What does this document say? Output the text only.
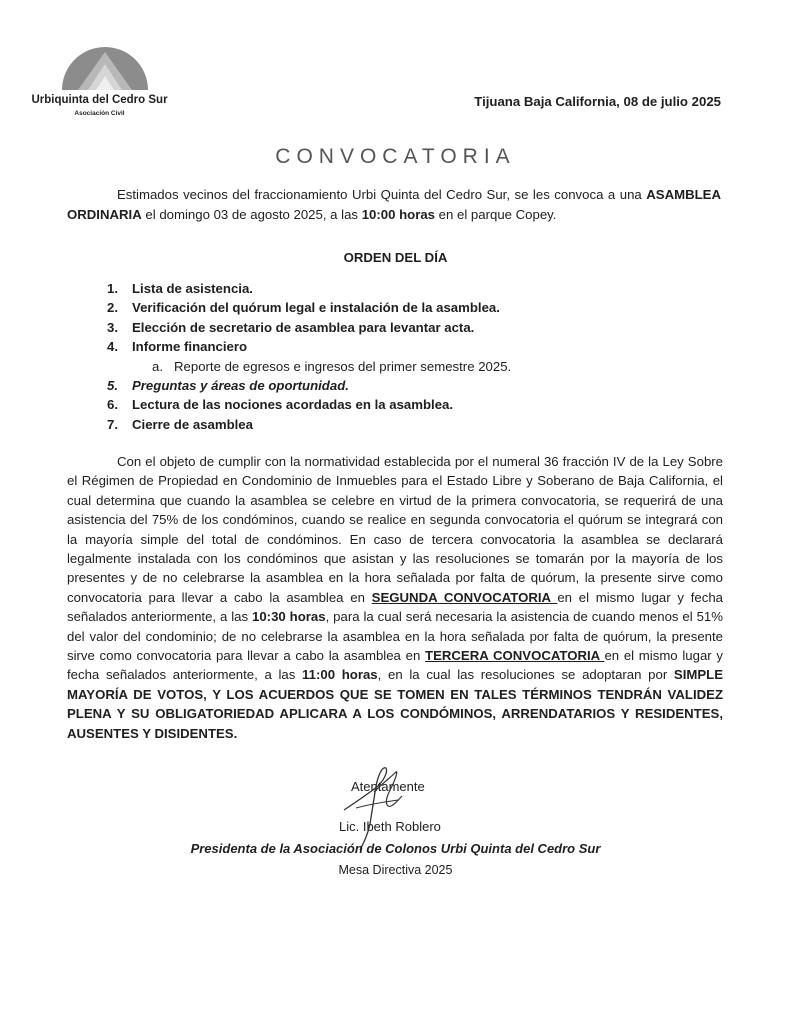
Urbiquinta del Cedro Sur
Asociación Civil
Tijuana Baja California, 08 de julio 2025
CONVOCATORIA

Estimados vecinos del fraccionamiento Urbi Quinta del Cedro Sur, se les convoca a una ASAMBLEA ORDINARIA el domingo 03 de agosto 2025, a las 10:00 horas en el parque Copey.

ORDEN DEL DÍA
1. Lista de asistencia.
2. Verificación del quórum legal e instalación de la asamblea.
3. Elección de secretario de asamblea para levantar acta.
4. Informe financiero
a. Reporte de egresos e ingresos del primer semestre 2025.
5. Preguntas y áreas de oportunidad.
6. Lectura de las nociones acordadas en la asamblea.
7. Cierre de asamblea

Con el objeto de cumplir con la normatividad establecida por el numeral 36 fracción IV de la Ley Sobre el Régimen de Propiedad en Condominio de Inmuebles para el Estado Libre y Soberano de Baja California, el cual determina que cuando la asamblea se celebre en virtud de la primera convocatoria, se requerirá de una asistencia del 75% de los condóminos, cuando se realice en segunda convocatoria el quórum se integrará con la mayoría simple del total de condóminos. En caso de tercera convocatoria la asamblea se declarará legalmente instalada con los condóminos que asistan y las resoluciones se tomarán por la mayoría de los presentes y de no celebrarse la asamblea en la hora señalada por falta de quórum, la presente sirve como convocatoria para llevar a cabo la asamblea en SEGUNDA CONVOCATORIA en el mismo lugar y fecha señalados anteriormente, a las 10:30 horas, para la cual será necesaria la asistencia de cuando menos el 51% del valor del condominio; de no celebrarse la asamblea en la hora señalada por falta de quórum, la presente sirve como convocatoria para llevar a cabo la asamblea en TERCERA CONVOCATORIA en el mismo lugar y fecha señalados anteriormente, a las 11:00 horas, en la cual las resoluciones se adoptaran por SIMPLE MAYORÍA DE VOTOS, Y LOS ACUERDOS QUE SE TOMEN EN TALES TÉRMINOS TENDRÁN VALIDEZ PLENA Y SU OBLIGATORIEDAD APLICARA A LOS CONDÓMINOS, ARRENDATARIOS Y RESIDENTES, AUSENTES Y DISIDENTES.

Atentamente
Lic. Ibeth Roblero
Presidenta de la Asociación de Colonos Urbi Quinta del Cedro Sur
Mesa Directiva 2025
